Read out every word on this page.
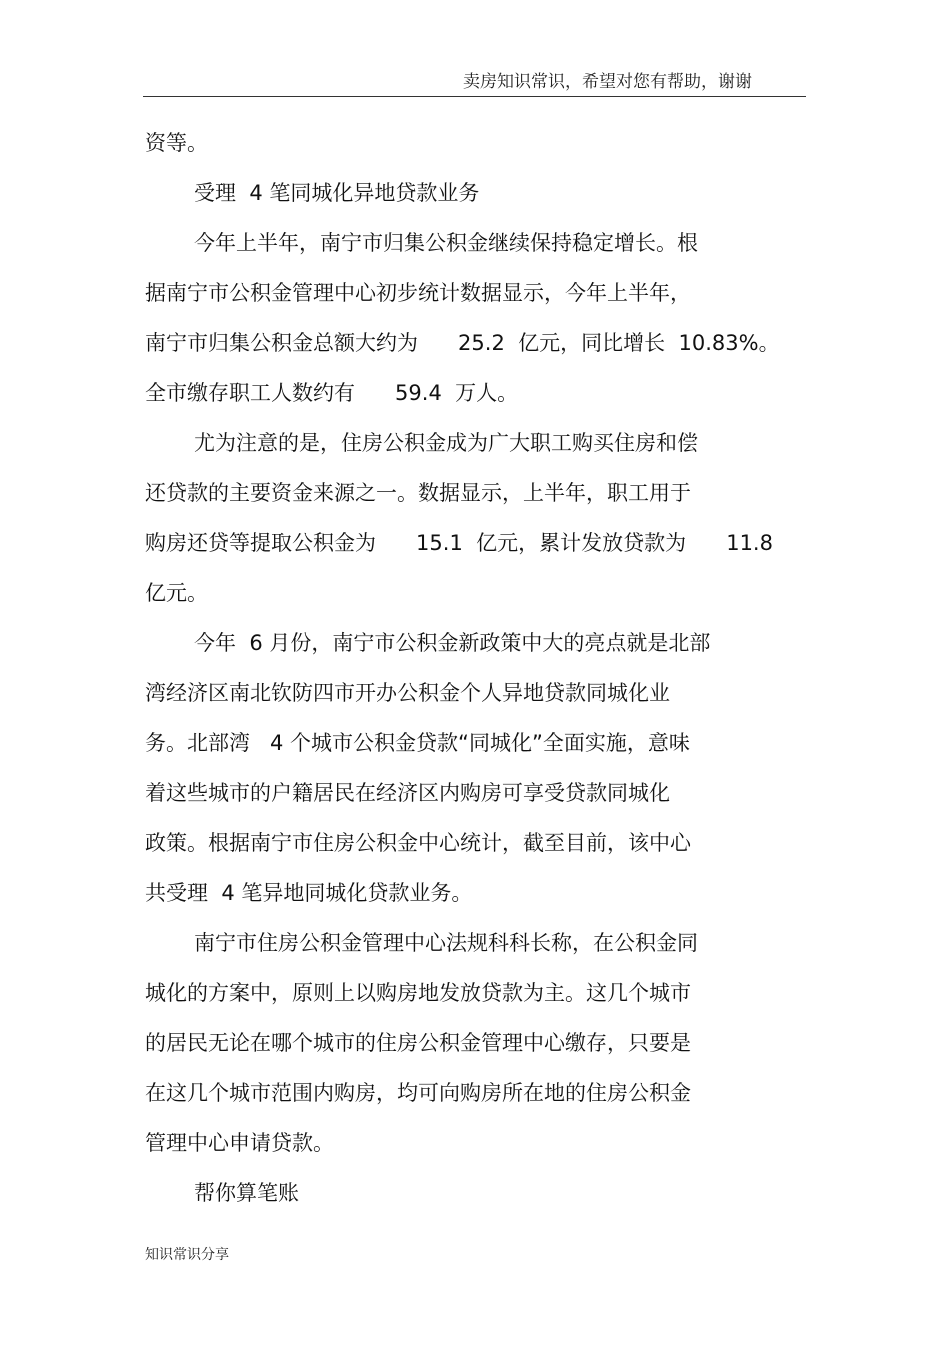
卖房知识常识，希望对您有帮助，谢谢
资等。
受理  4 笔同城化异地贷款业务
今年上半年，南宁市归集公积金继续保持稳定增长。根
据南宁市公积金管理中心初步统计数据显示，今年上半年，
南宁市归集公积金总额大约为      25.2  亿元，同比增长  10.83%。
全市缴存职工人数约有      59.4  万人。
尤为注意的是，住房公积金成为广大职工购买住房和偿
还贷款的主要资金来源之一。数据显示，上半年，职工用于
购房还贷等提取公积金为      15.1  亿元，累计发放贷款为      11.8
亿元。
今年  6 月份，南宁市公积金新政策中大的亮点就是北部
湾经济区南北钦防四市开办公积金个人异地贷款同城化业
务。北部湾   4 个城市公积金贷款“同城化”全面实施，意味
着这些城市的户籍居民在经济区内购房可享受贷款同城化
政策。根据南宁市住房公积金中心统计，截至目前，该中心
共受理  4 笔异地同城化贷款业务。
南宁市住房公积金管理中心法规科科长称，在公积金同
城化的方案中，原则上以购房地发放贷款为主。这几个城市
的居民无论在哪个城市的住房公积金管理中心缴存，只要是
在这几个城市范围内购房，均可向购房所在地的住房公积金
管理中心申请贷款。
帮你算笔账
知识常识分享
